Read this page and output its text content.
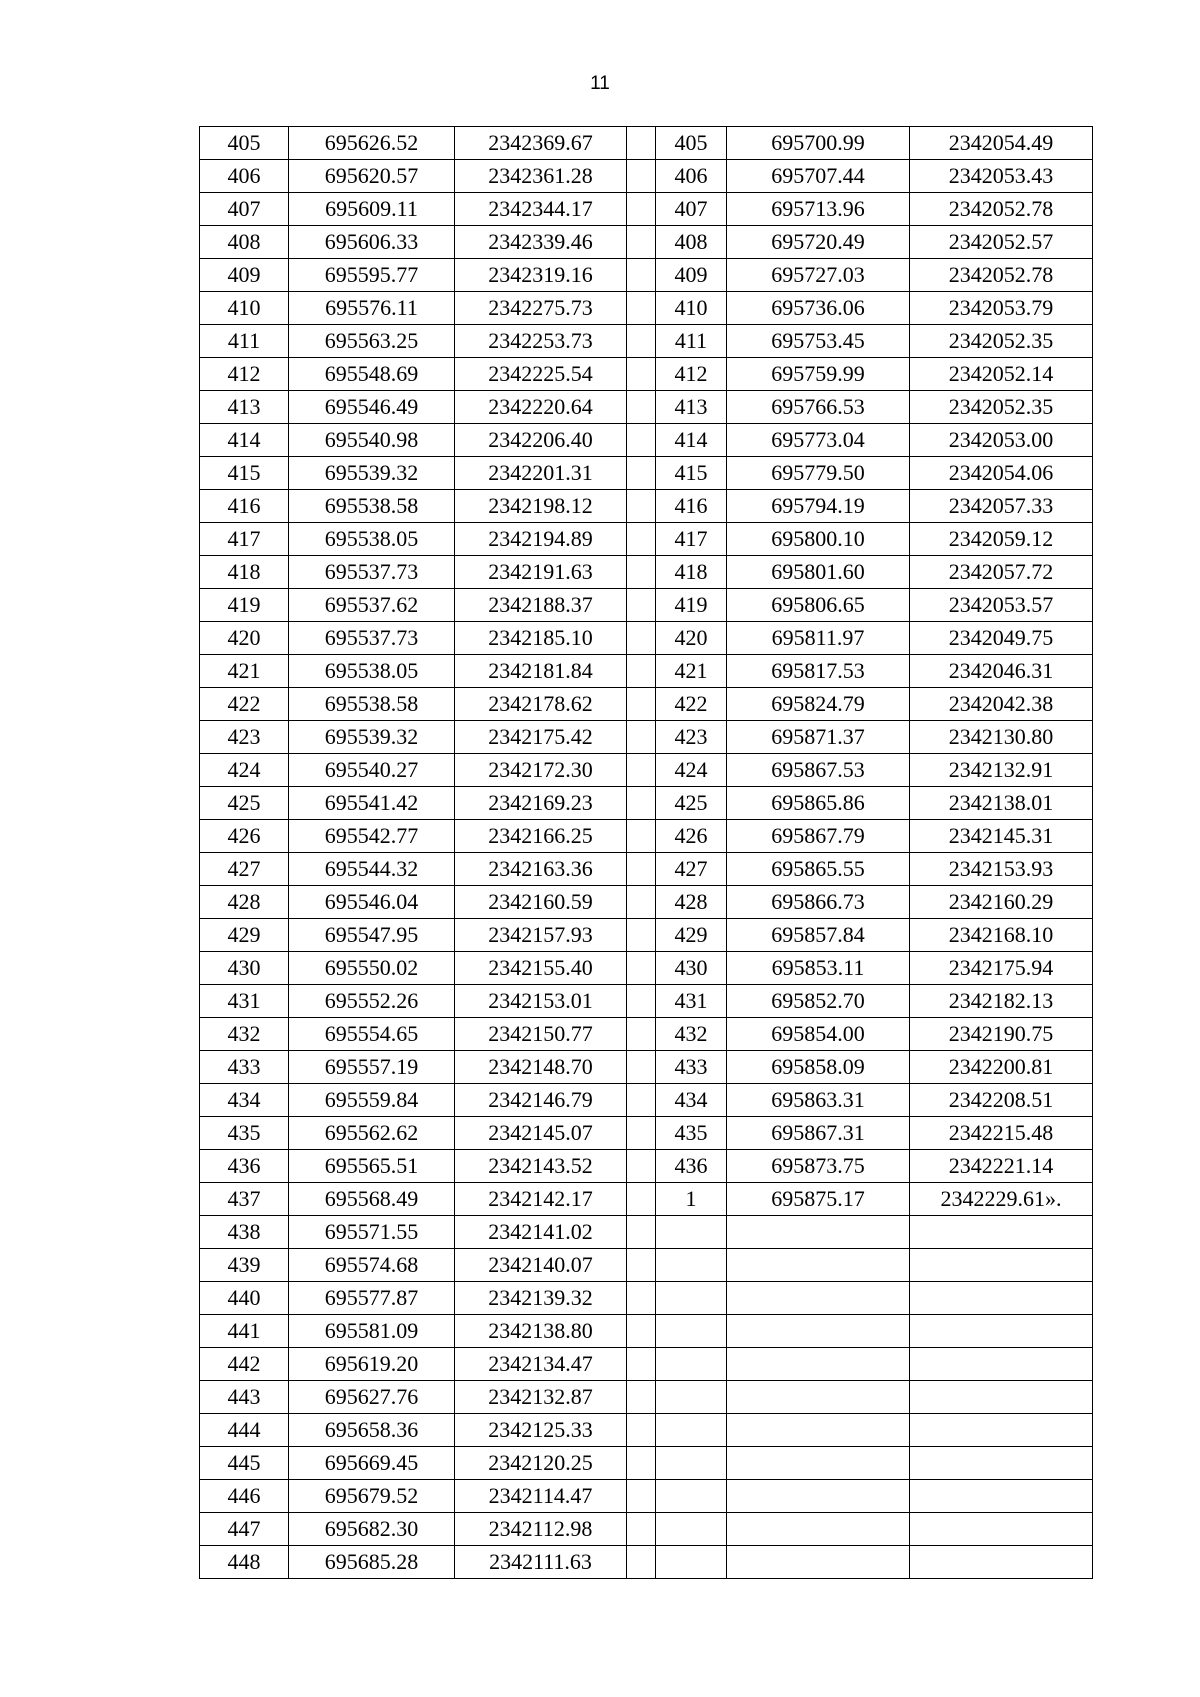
11
405	695626.52	2342369.67		405	695700.99	2342054.49
406	695620.57	2342361.28		406	695707.44	2342053.43
407	695609.11	2342344.17		407	695713.96	2342052.78
408	695606.33	2342339.46		408	695720.49	2342052.57
409	695595.77	2342319.16		409	695727.03	2342052.78
410	695576.11	2342275.73		410	695736.06	2342053.79
411	695563.25	2342253.73		411	695753.45	2342052.35
412	695548.69	2342225.54		412	695759.99	2342052.14
413	695546.49	2342220.64		413	695766.53	2342052.35
414	695540.98	2342206.40		414	695773.04	2342053.00
415	695539.32	2342201.31		415	695779.50	2342054.06
416	695538.58	2342198.12		416	695794.19	2342057.33
417	695538.05	2342194.89		417	695800.10	2342059.12
418	695537.73	2342191.63		418	695801.60	2342057.72
419	695537.62	2342188.37		419	695806.65	2342053.57
420	695537.73	2342185.10		420	695811.97	2342049.75
421	695538.05	2342181.84		421	695817.53	2342046.31
422	695538.58	2342178.62		422	695824.79	2342042.38
423	695539.32	2342175.42		423	695871.37	2342130.80
424	695540.27	2342172.30		424	695867.53	2342132.91
425	695541.42	2342169.23		425	695865.86	2342138.01
426	695542.77	2342166.25		426	695867.79	2342145.31
427	695544.32	2342163.36		427	695865.55	2342153.93
428	695546.04	2342160.59		428	695866.73	2342160.29
429	695547.95	2342157.93		429	695857.84	2342168.10
430	695550.02	2342155.40		430	695853.11	2342175.94
431	695552.26	2342153.01		431	695852.70	2342182.13
432	695554.65	2342150.77		432	695854.00	2342190.75
433	695557.19	2342148.70		433	695858.09	2342200.81
434	695559.84	2342146.79		434	695863.31	2342208.51
435	695562.62	2342145.07		435	695867.31	2342215.48
436	695565.51	2342143.52		436	695873.75	2342221.14
437	695568.49	2342142.17		1	695875.17	2342229.61».
438	695571.55	2342141.02				
439	695574.68	2342140.07				
440	695577.87	2342139.32				
441	695581.09	2342138.80				
442	695619.20	2342134.47				
443	695627.76	2342132.87				
444	695658.36	2342125.33				
445	695669.45	2342120.25				
446	695679.52	2342114.47				
447	695682.30	2342112.98				
448	695685.28	2342111.63				
